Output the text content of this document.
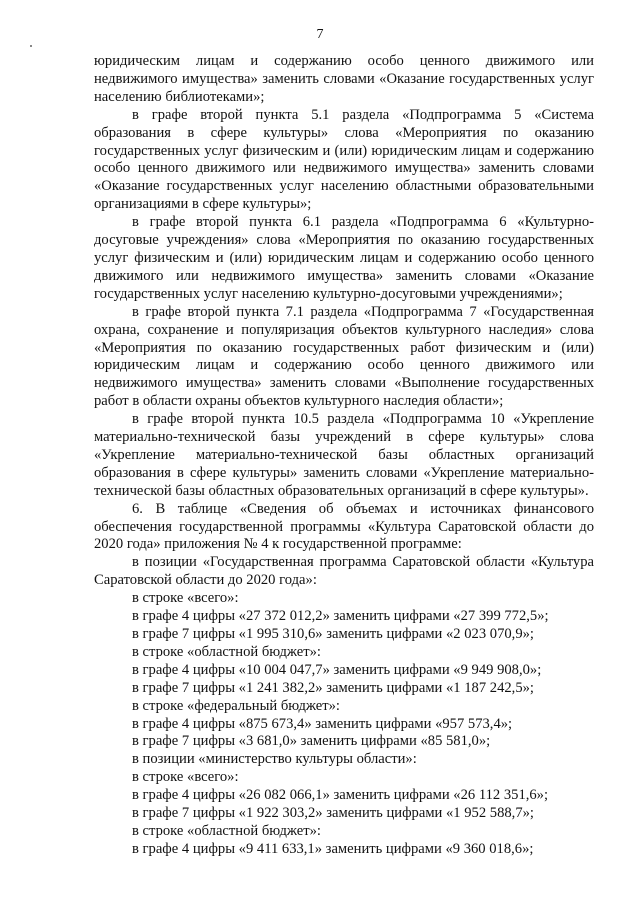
7

юридическим лицам и содержанию особо ценного движимого или недвижимого имущества» заменить словами «Оказание государственных услуг населению библиотеками»;

в графе второй пункта 5.1 раздела «Подпрограмма 5 «Система образования в сфере культуры» слова «Мероприятия по оказанию государственных услуг физическим и (или) юридическим лицам и содержанию особо ценного движимого или недвижимого имущества» заменить словами «Оказание государственных услуг населению областными образовательными организациями в сфере культуры»;

в графе второй пункта 6.1 раздела «Подпрограмма 6 «Культурно-досуговые учреждения» слова «Мероприятия по оказанию государственных услуг физическим и (или) юридическим лицам и содержанию особо ценного движимого или недвижимого имущества» заменить словами «Оказание государственных услуг населению культурно-досуговыми учреждениями»;

в графе второй пункта 7.1 раздела «Подпрограмма 7 «Государственная охрана, сохранение и популяризация объектов культурного наследия» слова «Мероприятия по оказанию государственных работ физическим и (или) юридическим лицам и содержанию особо ценного движимого или недвижимого имущества» заменить словами «Выполнение государственных работ в области охраны объектов культурного наследия области»;

в графе второй пункта 10.5 раздела «Подпрограмма 10 «Укрепление материально-технической базы учреждений в сфере культуры» слова «Укрепление материально-технической базы областных организаций образования в сфере культуры» заменить словами «Укрепление материально-технической базы областных образовательных организаций в сфере культуры».

6. В таблице «Сведения об объемах и источниках финансового обеспечения государственной программы «Культура Саратовской области до 2020 года» приложения № 4 к государственной программе:

в позиции «Государственная программа Саратовской области «Культура Саратовской области до 2020 года»:

в строке «всего»:

в графе 4 цифры «27 372 012,2» заменить цифрами «27 399 772,5»;

в графе 7 цифры «1 995 310,6» заменить цифрами «2 023 070,9»;

в строке «областной бюджет»:

в графе 4 цифры «10 004 047,7» заменить цифрами «9 949 908,0»;

в графе 7 цифры «1 241 382,2» заменить цифрами «1 187 242,5»;

в строке «федеральный бюджет»:

в графе 4 цифры «875 673,4» заменить цифрами «957 573,4»;

в графе 7 цифры «3 681,0» заменить цифрами «85 581,0»;

в позиции «министерство культуры области»:

в строке «всего»:

в графе 4 цифры «26 082 066,1» заменить цифрами «26 112 351,6»;

в графе 7 цифры «1 922 303,2» заменить цифрами «1 952 588,7»;

в строке «областной бюджет»:

в графе 4 цифры «9 411 633,1» заменить цифрами «9 360 018,6»;
